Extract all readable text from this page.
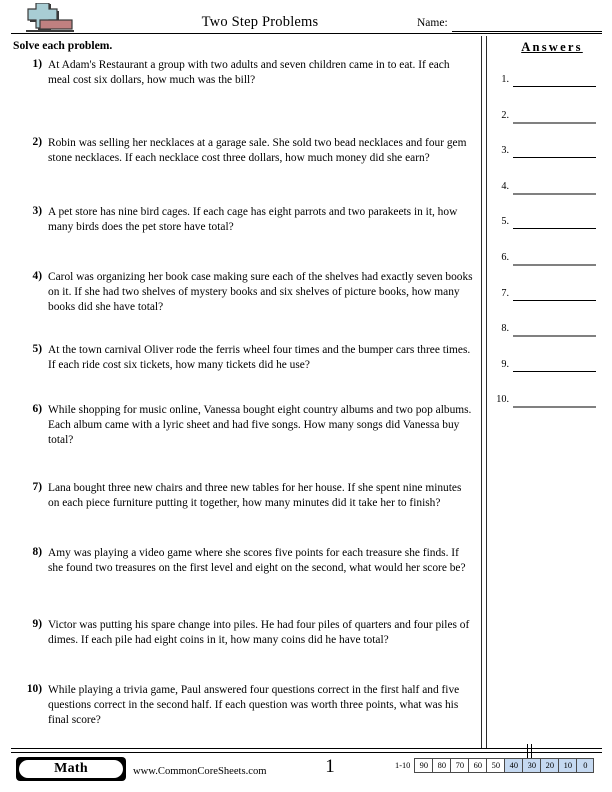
Two Step Problems	Name:
Solve each problem.
1) At Adam's Restaurant a group with two adults and seven children came in to eat. If each meal cost six dollars, how much was the bill?
2) Robin was selling her necklaces at a garage sale. She sold two bead necklaces and four gem stone necklaces. If each necklace cost three dollars, how much money did she earn?
3) A pet store has nine bird cages. If each cage has eight parrots and two parakeets in it, how many birds does the pet store have total?
4) Carol was organizing her book case making sure each of the shelves had exactly seven books on it. If she had two shelves of mystery books and six shelves of picture books, how many books did she have total?
5) At the town carnival Oliver rode the ferris wheel four times and the bumper cars three times. If each ride cost six tickets, how many tickets did he use?
6) While shopping for music online, Vanessa bought eight country albums and two pop albums. Each album came with a lyric sheet and had five songs. How many songs did Vanessa buy total?
7) Lana bought three new chairs and three new tables for her house. If she spent nine minutes on each piece furniture putting it together, how many minutes did it take her to finish?
8) Amy was playing a video game where she scores five points for each treasure she finds. If she found two treasures on the first level and eight on the second, what would her score be?
9) Victor was putting his spare change into piles. He had four piles of quarters and four piles of dimes. If each pile had eight coins in it, how many coins did he have total?
10) While playing a trivia game, Paul answered four questions correct in the first half and five questions correct in the second half. If each question was worth three points, what was his final score?
Answers
1.
2.
3.
4.
5.
6.
7.
8.
9.
10.
Math	www.CommonCoreSheets.com	1	1-10	90	80	70	60	50	40	30	20	10	0
